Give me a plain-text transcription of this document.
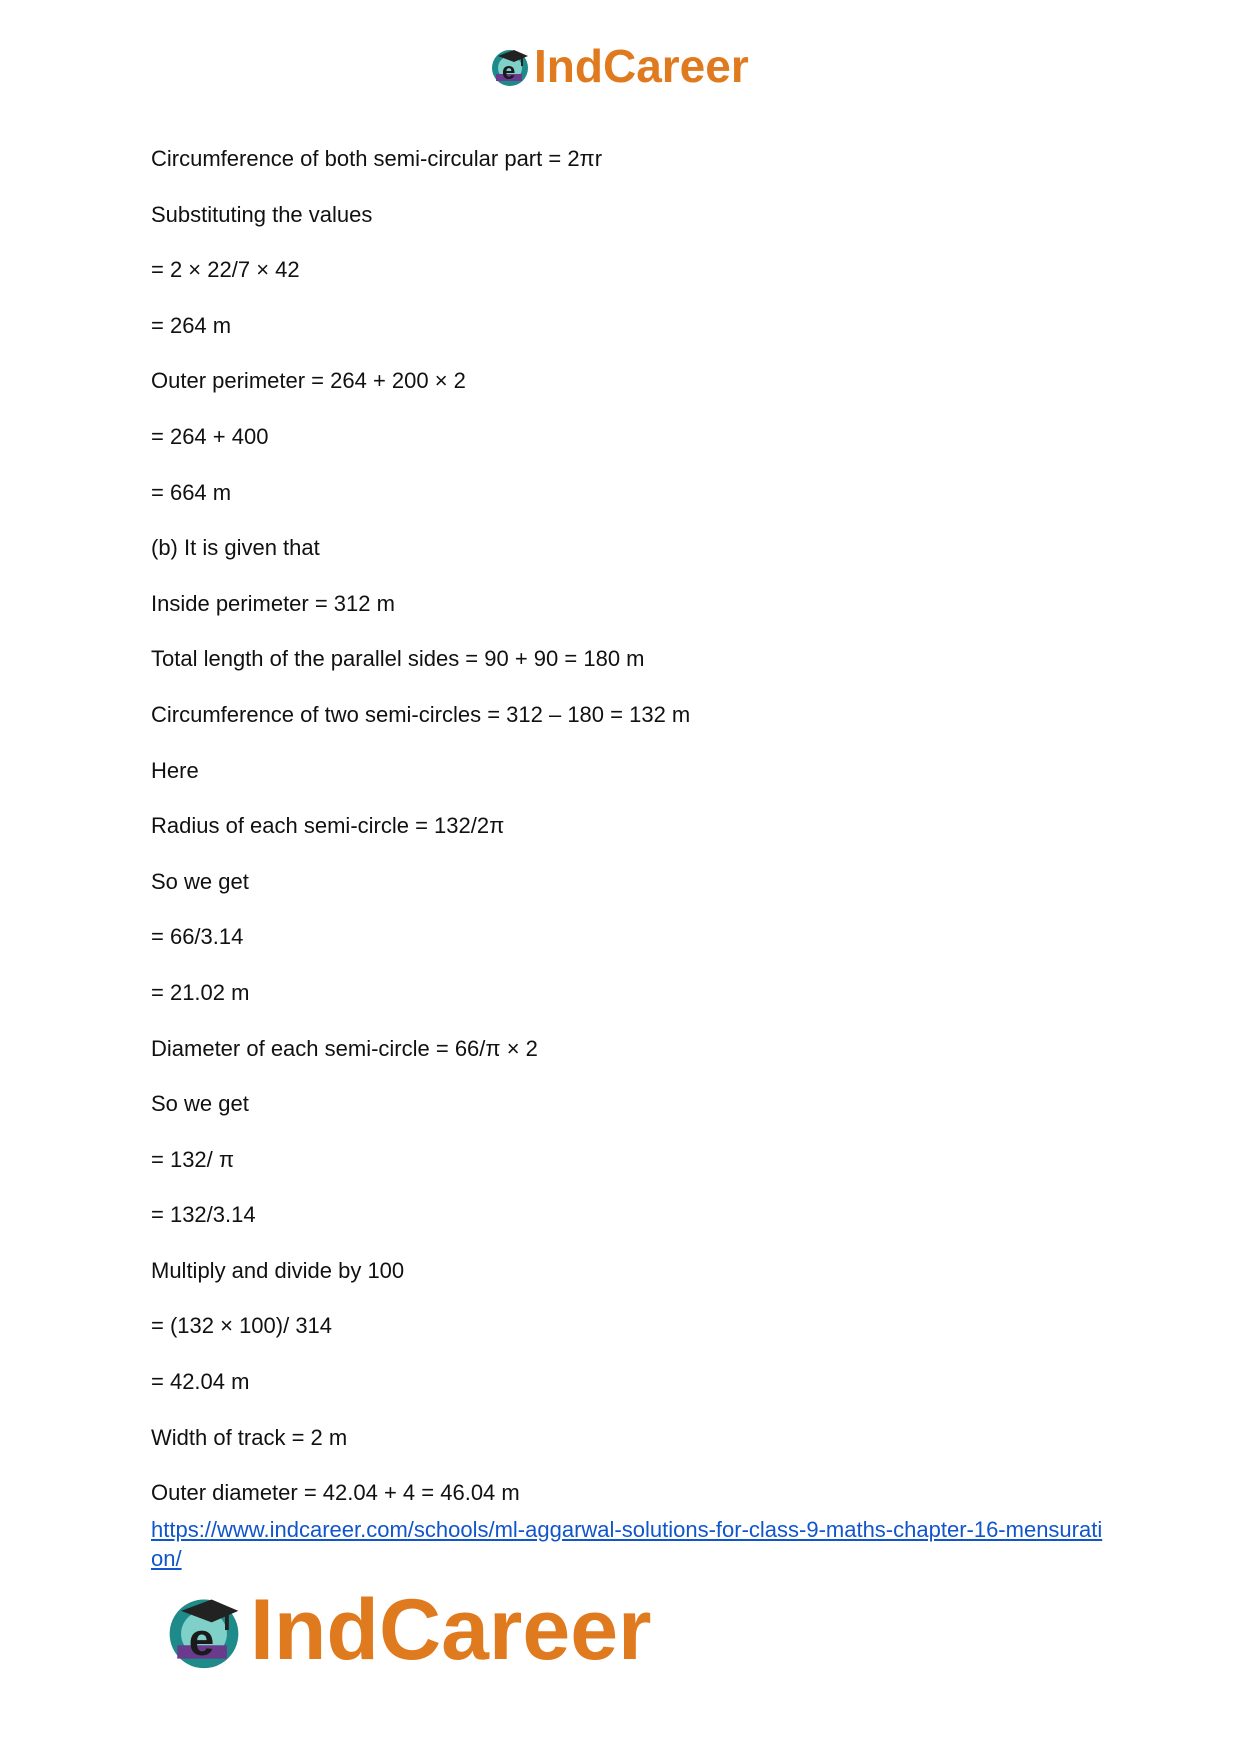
e IndCareer
Circumference of both semi-circular part = 2πr
Substituting the values
= 2 × 22/7 × 42
= 264 m
Outer perimeter = 264 + 200 × 2
= 264 + 400
= 664 m
(b) It is given that
Inside perimeter = 312 m
Total length of the parallel sides = 90 + 90 = 180 m
Circumference of two semi-circles = 312 – 180 = 132 m
Here
Radius of each semi-circle = 132/2π
So we get
= 66/3.14
= 21.02 m
Diameter of each semi-circle = 66/π × 2
So we get
= 132/ π
= 132/3.14
Multiply and divide by 100
= (132 × 100)/ 314
= 42.04 m
Width of track = 2 m
Outer diameter = 42.04 + 4 = 46.04 m
https://www.indcareer.com/schools/ml-aggarwal-solutions-for-class-9-maths-chapter-16-mensuration/
e IndCareer
